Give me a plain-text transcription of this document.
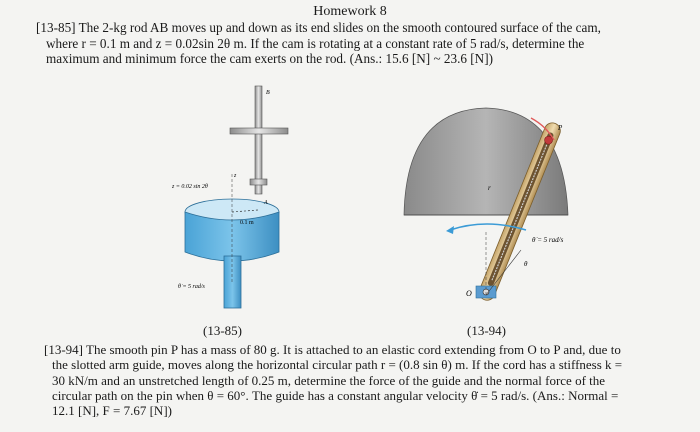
Homework 8
[13-85] The 2-kg rod AB moves up and down as its end slides on the smooth contoured surface of the cam,
where r = 0.1 m and z = 0.02sin 2θ m. If the cam is rotating at a constant rate of 5 rad/s, determine the
maximum and minimum force the cam exerts on the rod. (Ans.: 15.6 [N] ~ 23.6 [N])
B
z
z = 0.02 sin 2θ
A
0.1 m
θ̇ = 5 rad/s
P
r
θ̇ = 5 rad/s
θ
O
(13-85)	(13-94)
[13-94] The smooth pin P has a mass of 80 g. It is attached to an elastic cord extending from O to P and, due to
the slotted arm guide, moves along the horizontal circular path r = (0.8 sin θ) m. If the cord has a stiffness k =
30 kN/m and an unstretched length of 0.25 m, determine the force of the guide and the normal force of the
circular path on the pin when θ = 60°. The guide has a constant angular velocity θ̇ = 5 rad/s. (Ans.: Normal =
12.1 [N], F = 7.67 [N])
